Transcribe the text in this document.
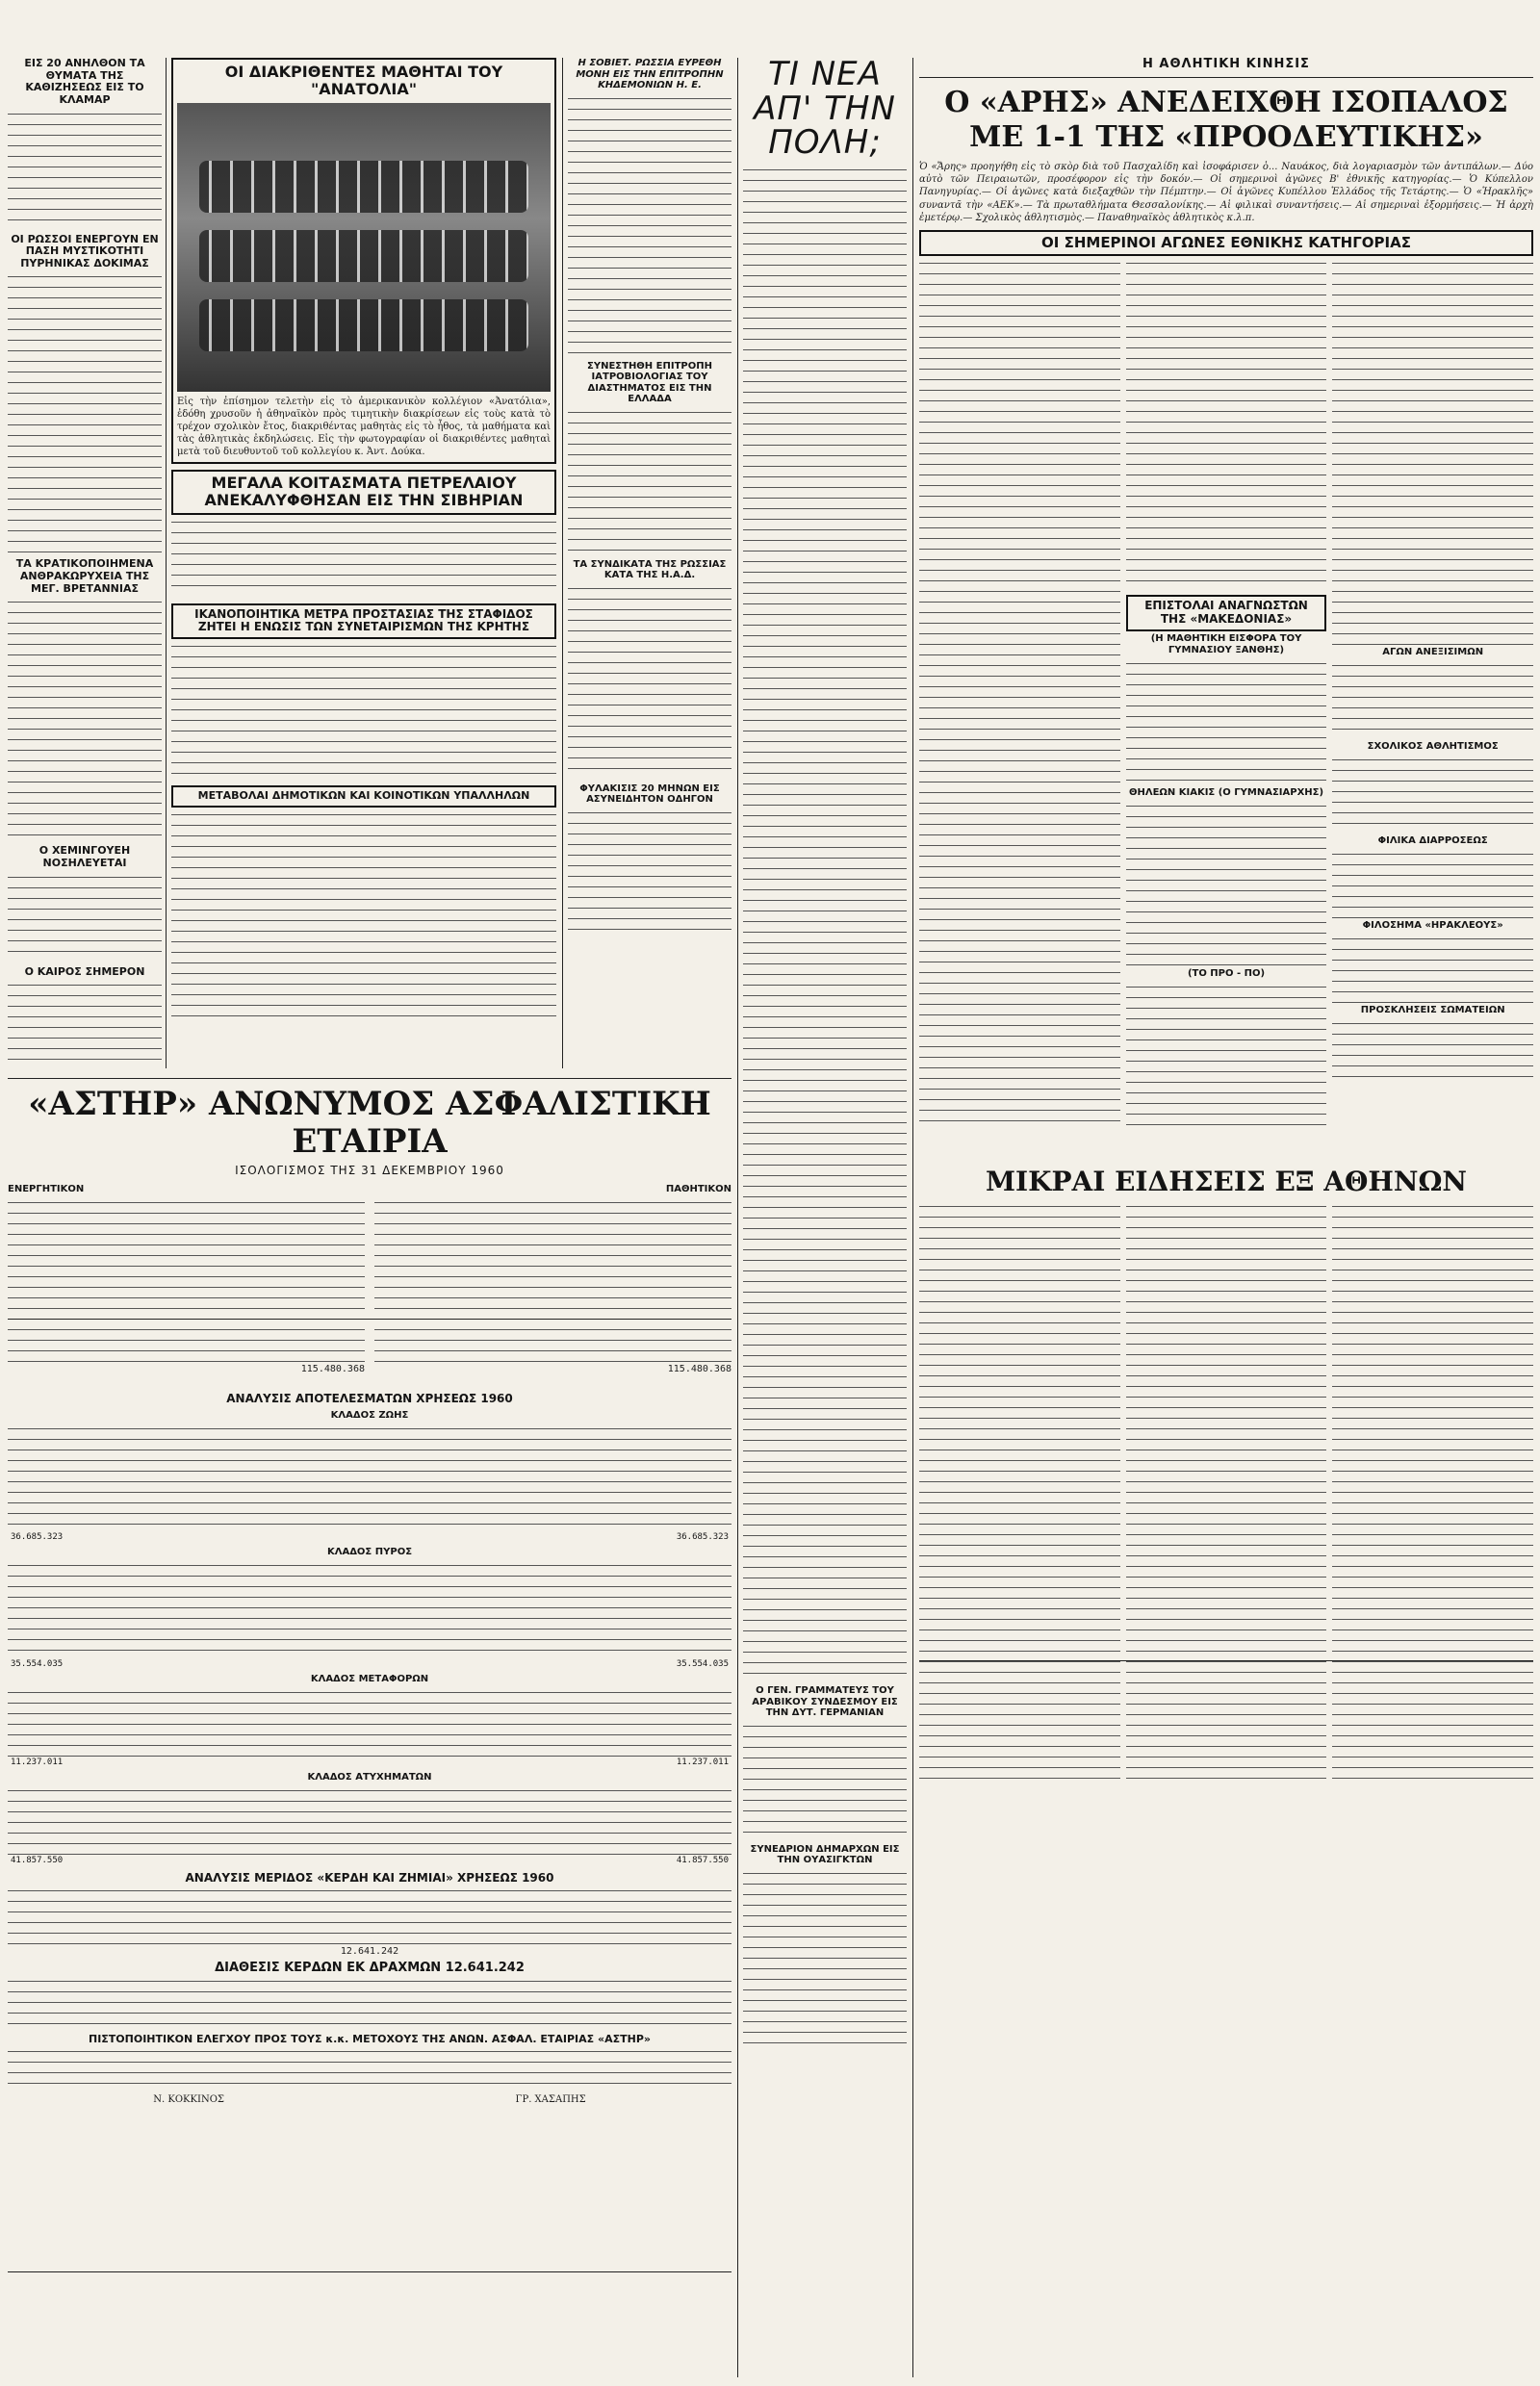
ΕΙΣ 20 ΑΝΗΛΘΟΝ ΤΑ ΘΥΜΑΤΑ ΤΗΣ ΚΑΘΙΖΗΣΕΩΣ ΕΙΣ ΤΟ ΚΛΑΜΑΡ

ΟΙ ΡΩΣΣΟΙ ΕΝΕΡΓΟΥΝ ΕΝ ΠΑΣΗ ΜΥΣΤΙΚΟΤΗΤΙ ΠΥΡΗΝΙΚΑΣ ΔΟΚΙΜΑΣ

ΤΑ ΚΡΑΤΙΚΟΠΟΙΗΜΕΝΑ ΑΝΘΡΑΚΩΡΥΧΕΙΑ ΤΗΣ ΜΕΓ. ΒΡΕΤΑΝΝΙΑΣ

Ο ΧΕΜΙΝΓΟΥΕΗ ΝΟΣΗΛΕΥΕΤΑΙ

Ο ΚΑΙΡΟΣ ΣΗΜΕΡΟΝ

ΟΙ ΔΙΑΚΡΙΘΕΝΤΕΣ ΜΑΘΗΤΑΙ ΤΟΥ "ΑΝΑΤΟΛΙΑ"

Εἰς τὴν ἐπίσημον τελετὴν εἰς τὸ ἀμερικανικὸν κολλέγιον «Ἀνατόλια», ἐδόθη χρυσοῦν ἡ ἀθηναϊκὸν πρὸς τιμητικὴν διακρίσεων εἰς τοὺς κατὰ τὸ τρέχον σχολικὸν ἔτος, διακριθέντας μαθητὰς εἰς τὸ ἦθος, τὰ μαθήματα καὶ τὰς ἀθλητικὰς ἐκδηλώσεις. Εἰς τὴν φωτογραφίαν οἱ διακριθέντες μαθηταὶ μετὰ τοῦ διευθυντοῦ τοῦ κολλεγίου κ. Ἀντ. Δούκα.

ΜΕΓΑΛΑ ΚΟΙΤΑΣΜΑΤΑ ΠΕΤΡΕΛΑΙΟΥ ΑΝΕΚΑΛΥΦΘΗΣΑΝ ΕΙΣ ΤΗΝ ΣΙΒΗΡΙΑΝ

ΙΚΑΝΟΠΟΙΗΤΙΚΑ ΜΕΤΡΑ ΠΡΟΣΤΑΣΙΑΣ ΤΗΣ ΣΤΑΦΙΔΟΣ ΖΗΤΕΙ Η ΕΝΩΣΙΣ ΤΩΝ ΣΥΝΕΤΑΙΡΙΣΜΩΝ ΤΗΣ ΚΡΗΤΗΣ

ΜΕΤΑΒΟΛΑΙ ΔΗΜΟΤΙΚΩΝ ΚΑΙ ΚΟΙΝΟΤΙΚΩΝ ΥΠΑΛΛΗΛΩΝ

Η ΣΟΒΙΕΤ. ΡΩΣΣΙΑ ΕΥΡΕΘΗ ΜΟΝΗ ΕΙΣ ΤΗΝ ΕΠΙΤΡΟΠΗΝ ΚΗΔΕΜΟΝΙΩΝ Η. Ε.

ΣΥΝΕΣΤΗΘΗ ΕΠΙΤΡΟΠΗ ΙΑΤΡΟΒΙΟΛΟΓΙΑΣ ΤΟΥ ΔΙΑΣΤΗΜΑΤΟΣ ΕΙΣ ΤΗΝ ΕΛΛΑΔΑ

ΤΑ ΣΥΝΔΙΚΑΤΑ ΤΗΣ ΡΩΣΣΙΑΣ ΚΑΤΑ ΤΗΣ Η.Α.Δ.

ΦΥΛΑΚΙΣΙΣ 20 ΜΗΝΩΝ ΕΙΣ ΑΣΥΝΕΙΔΗΤΟΝ ΟΔΗΓΟΝ

ΤΙ ΝΕΑ ΑΠ' ΤΗΝ ΠΟΛΗ;

Ο ΓΕΝ. ΓΡΑΜΜΑΤΕΥΣ ΤΟΥ ΑΡΑΒΙΚΟΥ ΣΥΝΔΕΣΜΟΥ ΕΙΣ ΤΗΝ ΔΥΤ. ΓΕΡΜΑΝΙΑΝ

ΣΥΝΕΔΡΙΟΝ ΔΗΜΑΡΧΩΝ ΕΙΣ ΤΗΝ ΟΥΑΣΙΓΚΤΩΝ

Η ΑΘΛΗΤΙΚΗ ΚΙΝΗΣΙΣ

Ο «ΑΡΗΣ» ΑΝΕΔΕΙΧΘΗ ΙΣΟΠΑΛΟΣ ΜΕ 1-1 ΤΗΣ «ΠΡΟΟΔΕΥΤΙΚΗΣ»

Ὁ «Ἄρης» προηγήθη εἰς τὸ σκὸρ διὰ τοῦ Πασχαλίδη καὶ ἰσοφάρισεν ὁ... Ναυάκος, διὰ λογαριασμὸν τῶν ἀντιπάλων.— Δύο αὐτὸ τῶν Πειραιωτῶν, προσέφορον εἰς τὴν δοκόν.— Οἱ σημερινοὶ ἀγῶνες Β' ἐθνικῆς κατηγορίας.— Ὁ Κύπελλον Πανηγυρίας.— Οἱ ἀγῶνες κατὰ διεξαχθῶν τὴν Πέμπτην.— Οἱ ἀγῶνες Κυπέλλου Ἑλλάδος τῆς Τετάρτης.— Ὁ «Ἡρακλῆς» συναντᾶ τὴν «ΑΕΚ».— Τὰ πρωταθλήματα Θεσσαλονίκης.— Αἱ φιλικαὶ συναντήσεις.— Αἱ σημεριναὶ ἐξορμήσεις.— Ἡ ἀρχὴ ἐμετέρῳ.— Σχολικὸς ἀθλητισμὸς.— Παναθηναϊκὸς ἀθλητικὸς κ.λ.π.

ΟΙ ΣΗΜΕΡΙΝΟΙ ΑΓΩΝΕΣ ΕΘΝΙΚΗΣ ΚΑΤΗΓΟΡΙΑΣ

ΕΠΙΣΤΟΛΑΙ ΑΝΑΓΝΩΣΤΩΝ ΤΗΣ «ΜΑΚΕΔΟΝΙΑΣ»

(Η ΜΑΘΗΤΙΚΗ ΕΙΣΦΟΡΑ ΤΟΥ ΓΥΜΝΑΣΙΟΥ ΞΑΝΘΗΣ)

ΘΗΛΕΩΝ ΚΙΑΚΙΣ (Ο ΓΥΜΝΑΣΙΑΡΧΗΣ)

(ΤΟ ΠΡΟ - ΠΟ)

ΑΓΩΝ ΑΝΕΞΙΣΙΜΩΝ

ΣΧΟΛΙΚΟΣ ΑΘΛΗΤΙΣΜΟΣ

ΦΙΛΙΚΑ ΔΙΑΡΡΟΣΕΩΣ

ΦΙΛΟΣΗΜΑ «ΗΡΑΚΛΕΟΥΣ»

ΠΡΟΣΚΛΗΣΕΙΣ ΣΩΜΑΤΕΙΩΝ

ΜΙΚΡΑΙ ΕΙΔΗΣΕΙΣ ΕΞ ΑΘΗΝΩΝ

«ΑΣΤΗΡ» ΑΝΩΝΥΜΟΣ ΑΣΦΑΛΙΣΤΙΚΗ ΕΤΑΙΡΙΑ

ΙΣΟΛΟΓΙΣΜΟΣ ΤΗΣ 31 ΔΕΚΕΜΒΡΙΟΥ 1960

ΕΝΕΡΓΗΤΙΚΟΝ

115.480.368

ΠΑΘΗΤΙΚΟΝ

115.480.368

ΑΝΑΛΥΣΙΣ ΑΠΟΤΕΛΕΣΜΑΤΩΝ ΧΡΗΣΕΩΣ 1960

ΚΛΑΔΟΣ ΖΩΗΣ

36.685.323	36.685.323

ΚΛΑΔΟΣ ΠΥΡΟΣ

35.554.035	35.554.035

ΚΛΑΔΟΣ ΜΕΤΑΦΟΡΩΝ

11.237.011	11.237.011

ΚΛΑΔΟΣ ΑΤΥΧΗΜΑΤΩΝ

41.857.550	41.857.550

ΑΝΑΛΥΣΙΣ ΜΕΡΙΔΟΣ «ΚΕΡΔΗ ΚΑΙ ΖΗΜΙΑΙ» ΧΡΗΣΕΩΣ 1960

12.641.242

ΔΙΑΘΕΣΙΣ ΚΕΡΔΩΝ ΕΚ ΔΡΑΧΜΩΝ 12.641.242

ΠΙΣΤΟΠΟΙΗΤΙΚΟΝ ΕΛΕΓΧΟΥ ΠΡΟΣ ΤΟΥΣ κ.κ. ΜΕΤΟΧΟΥΣ ΤΗΣ ΑΝΩΝ. ΑΣΦΑΛ. ΕΤΑΙΡΙΑΣ «ΑΣΤΗΡ»

Ν. ΚΟΚΚΙΝΟΣ	ΓΡ. ΧΑΣΑΠΗΣ
